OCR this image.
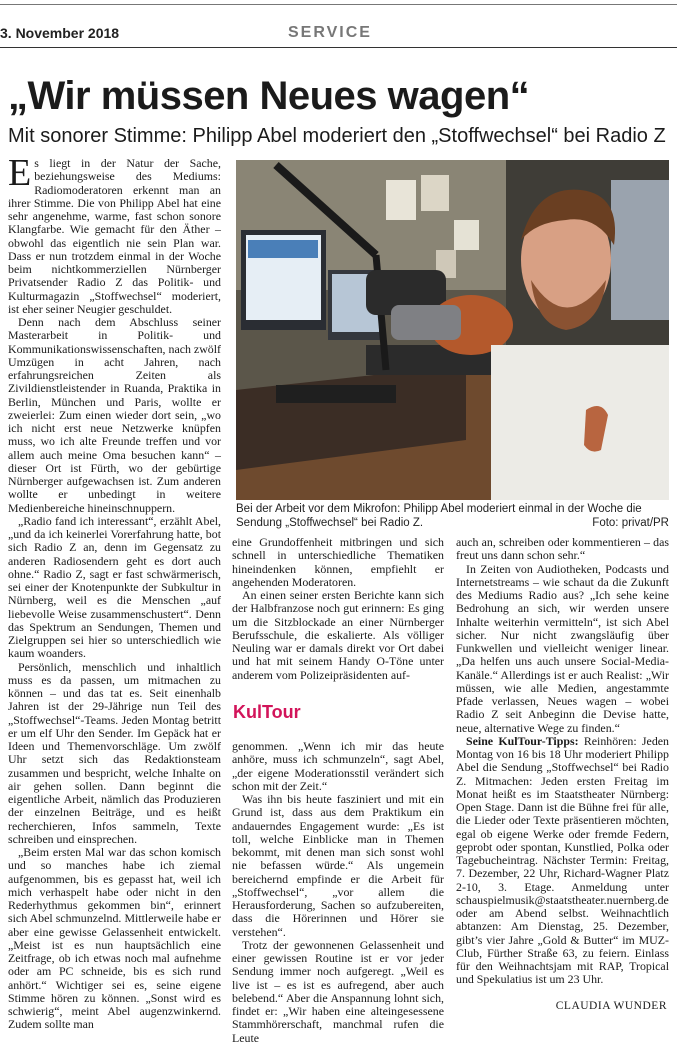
3. November 2018	SERVICE
„Wir müssen Neues wagen“
Mit sonorer Stimme: Philipp Abel moderiert den „Stoffwechsel“ bei Radio Z

Es liegt in der Natur der Sache, beziehungsweise des Mediums: Radiomoderatoren erkennt man an ihrer Stimme. Die von Philipp Abel hat eine sehr angenehme, warme, fast schon sonore Klangfarbe. Wie gemacht für den Äther – obwohl das eigentlich nie sein Plan war. Dass er nun trotzdem einmal in der Woche beim nichtkommerziellen Nürnberger Privatsender Radio Z das Politik- und Kulturmagazin „Stoffwechsel“ moderiert, ist eher seiner Neugier geschuldet.

Denn nach dem Abschluss seiner Masterarbeit in Politik- und Kommunikationswissenschaften, nach zwölf Umzügen in acht Jahren, nach erfahrungsreichen Zeiten als Zivildienstleistender in Ruanda, Praktika in Berlin, München und Paris, wollte er zweierlei: Zum einen wieder dort sein, „wo ich nicht erst neue Netzwerke knüpfen muss, wo ich alte Freunde treffen und vor allem auch meine Oma besuchen kann“ – dieser Ort ist Fürth, wo der gebürtige Nürnberger aufgewachsen ist. Zum anderen wollte er unbedingt in weitere Medienbereiche hineinschnuppern.

„Radio fand ich interessant“, erzählt Abel, „und da ich keinerlei Vorerfahrung hatte, bot sich Radio Z an, denn im Gegensatz zu anderen Radiosendern geht es dort auch ohne.“ Radio Z, sagt er fast schwärmerisch, sei einer der Knotenpunkte der Subkultur in Nürnberg, weil es die Menschen „auf liebevolle Weise zusammenschustert“. Denn das Spektrum an Sendungen, Themen und Zielgruppen sei hier so unterschiedlich wie kaum woanders.

Persönlich, menschlich und inhaltlich muss es da passen, um mitmachen zu können – und das tat es. Seit einenhalb Jahren ist der 29-Jährige nun Teil des „Stoffwechsel“-Teams. Jeden Montag betritt er um elf Uhr den Sender. Im Gepäck hat er Ideen und Themenvorschläge. Um zwölf Uhr setzt sich das Redaktionsteam zusammen und bespricht, welche Inhalte on air gehen sollen. Dann beginnt die eigentliche Arbeit, nämlich das Produzieren der einzelnen Beiträge, und es heißt recherchieren, Infos sammeln, Texte schreiben und einsprechen.

„Beim ersten Mal war das schon komisch und so manches habe ich ziemal aufgenommen, bis es gepasst hat, weil ich mich verhaspelt habe oder nicht in den Rederhythmus gekommen bin“, erinnert sich Abel schmunzelnd. Mittlerweile habe er aber eine gewisse Gelassenheit entwickelt. „Meist ist es nun hauptsächlich eine Zeitfrage, ob ich etwas noch mal aufnehme oder am PC schneide, bis es sich rund anhört.“ Wichtiger sei es, seine eigene Stimme hören zu können. „Sonst wird es schwierig“, meint Abel augenzwinkernd. Zudem sollte man

Bei der Arbeit vor dem Mikrofon: Philipp Abel moderiert einmal in der Woche die Sendung „Stoffwechsel“ bei Radio Z.	Foto: privat/PR

eine Grundoffenheit mitbringen und sich schnell in unterschiedliche Thematiken hineindenken können, empfiehlt er angehenden Moderatoren.

An einen seiner ersten Berichte kann sich der Halbfranzose noch gut erinnern: Es ging um die Sitzblockade an einer Nürnberger Berufsschule, die eskalierte. Als völliger Neuling war er damals direkt vor Ort dabei und hat mit seinem Handy O-Töne unter anderem vom Polizeipräsidenten auf-

KulTour

genommen. „Wenn ich mir das heute anhöre, muss ich schmunzeln“, sagt Abel, „der eigene Moderationsstil verändert sich schon mit der Zeit.“

Was ihn bis heute fasziniert und mit ein Grund ist, dass aus dem Praktikum ein andauerndes Engagement wurde: „Es ist toll, welche Einblicke man in Themen bekommt, mit denen man sich sonst wohl nie befassen würde.“ Als ungemein bereichernd empfinde er die Arbeit für „Stoffwechsel“, „vor allem die Herausforderung, Sachen so aufzubereiten, dass die Hörerinnen und Hörer sie verstehen“.

Trotz der gewonnenen Gelassenheit und einer gewissen Routine ist er vor jeder Sendung immer noch aufgeregt. „Weil es live ist – es ist es aufregend, aber auch belebend.“ Aber die Anspannung lohnt sich, findet er: „Wir haben eine alteingesessene Stammhörerschaft, manchmal rufen die Leute

auch an, schreiben oder kommentieren – das freut uns dann schon sehr.“

In Zeiten von Audiotheken, Podcasts und Internetstreams – wie schaut da die Zukunft des Mediums Radio aus? „Ich sehe keine Bedrohung an sich, wir werden unsere Inhalte weiterhin vermitteln“, ist sich Abel sicher. Nur nicht zwangsläufig über Funkwellen und vielleicht weniger linear. „Da helfen uns auch unsere Social-Media-Kanäle.“ Allerdings ist er auch Realist: „Wir müssen, wie alle Medien, angestammte Pfade verlassen, Neues wagen – wobei Radio Z seit Anbeginn die Devise hatte, neue, alternative Wege zu finden.“

Seine KulTour-Tipps: Reinhören: Jeden Montag von 16 bis 18 Uhr moderiert Philipp Abel die Sendung „Stoffwechsel“ bei Radio Z. Mitmachen: Jeden ersten Freitag im Monat heißt es im Staatstheater Nürnberg: Open Stage. Dann ist die Bühne frei für alle, die Lieder oder Texte präsentieren möchten, egal ob eigene Werke oder fremde Federn, geprobt oder spontan, Kunstlied, Polka oder Tagebucheintrag. Nächster Termin: Freitag, 7. Dezember, 22 Uhr, Richard-Wagner Platz 2-10, 3. Etage. Anmeldung unter schauspielmusik@staatstheater.nuernberg.de oder am Abend selbst. Weihnachtlich abtanzen: Am Dienstag, 25. Dezember, gibt’s vier Jahre „Gold & Butter“ im MUZ-Club, Fürther Straße 63, zu feiern. Einlass für den Weihnachtsjam mit RAP, Tropical und Spekulatius ist um 23 Uhr.

CLAUDIA WUNDER
